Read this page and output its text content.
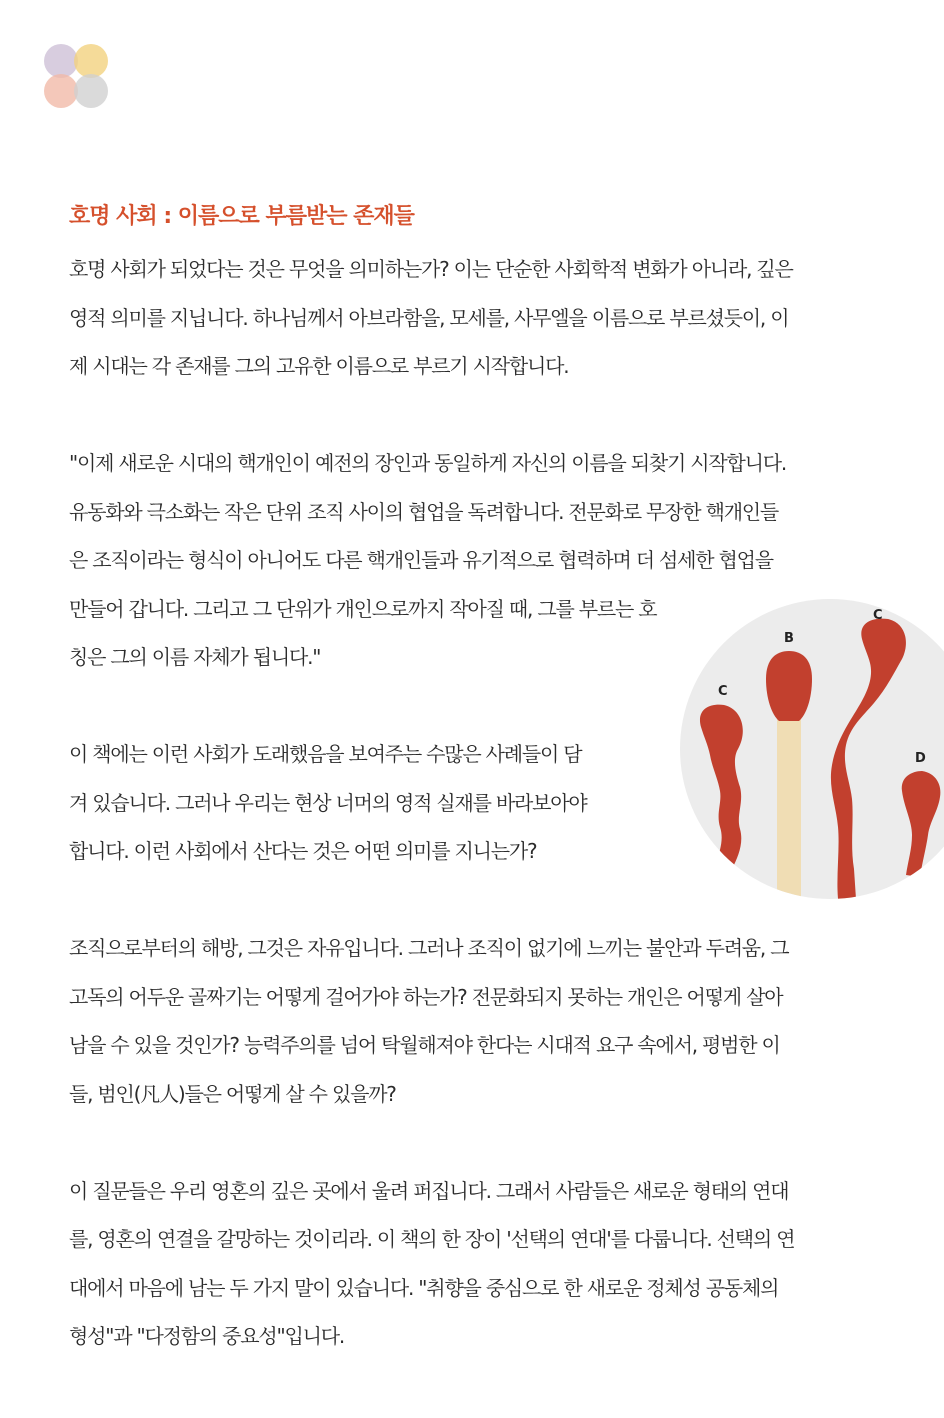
호명 사회 : 이름으로 부름받는 존재들

호명 사회가 되었다는 것은 무엇을 의미하는가? 이는 단순한 사회학적 변화가 아니라, 깊은
영적 의미를 지닙니다. 하나님께서 아브라함을, 모세를, 사무엘을 이름으로 부르셨듯이, 이
제 시대는 각 존재를 그의 고유한 이름으로 부르기 시작합니다.

"이제 새로운 시대의 핵개인이 예전의 장인과 동일하게 자신의 이름을 되찾기 시작합니다.
유동화와 극소화는 작은 단위 조직 사이의 협업을 독려합니다. 전문화로 무장한 핵개인들
은 조직이라는 형식이 아니어도 다른 핵개인들과 유기적으로 협력하며 더 섬세한 협업을
만들어 갑니다. 그리고 그 단위가 개인으로까지 작아질 때, 그를 부르는 호
칭은 그의 이름 자체가 됩니다."

이 책에는 이런 사회가 도래했음을 보여주는 수많은 사례들이 담
겨 있습니다. 그러나 우리는 현상 너머의 영적 실재를 바라보아야
합니다. 이런 사회에서 산다는 것은 어떤 의미를 지니는가?

조직으로부터의 해방, 그것은 자유입니다. 그러나 조직이 없기에 느끼는 불안과 두려움, 그
고독의 어두운 골짜기는 어떻게 걸어가야 하는가? 전문화되지 못하는 개인은 어떻게 살아
남을 수 있을 것인가? 능력주의를 넘어 탁월해져야 한다는 시대적 요구 속에서, 평범한 이
들, 범인(凡人)들은 어떻게 살 수 있을까?

이 질문들은 우리 영혼의 깊은 곳에서 울려 퍼집니다. 그래서 사람들은 새로운 형태의 연대
를, 영혼의 연결을 갈망하는 것이리라. 이 책의 한 장이 '선택의 연대'를 다룹니다. 선택의 연
대에서 마음에 남는 두 가지 말이 있습니다. "취향을 중심으로 한 새로운 정체성 공동체의
형성"과 "다정함의 중요성"입니다.

C
B
C
D
